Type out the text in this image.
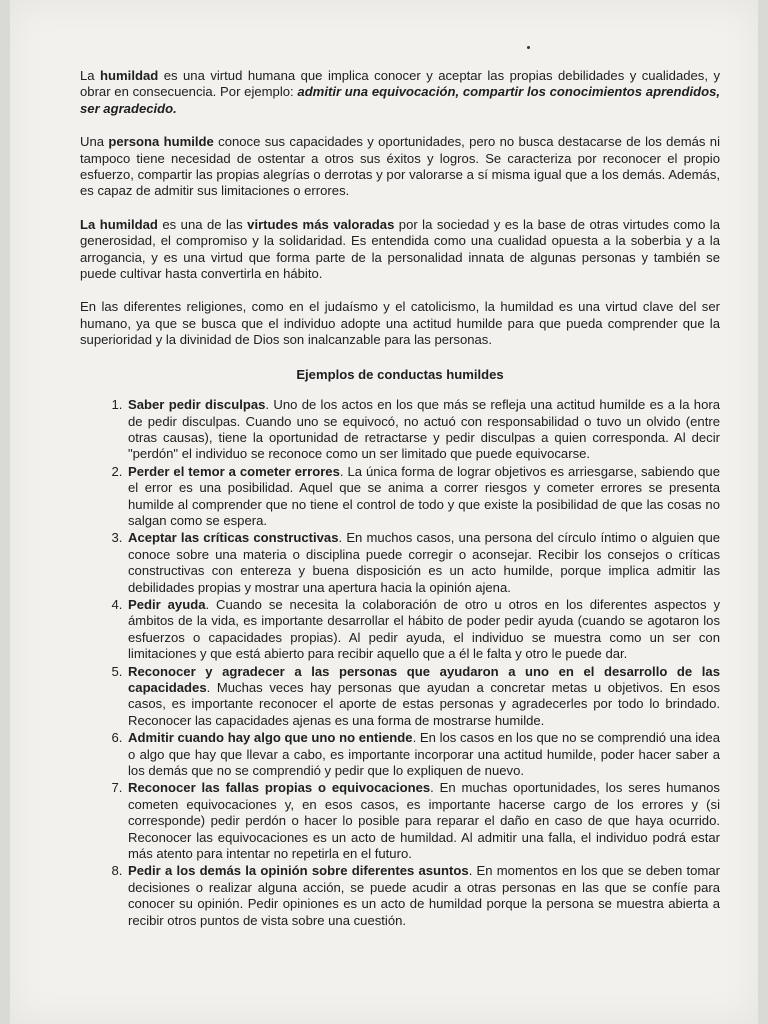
La humildad es una virtud humana que implica conocer y aceptar las propias debilidades y cualidades, y obrar en consecuencia. Por ejemplo: admitir una equivocación, compartir los conocimientos aprendidos, ser agradecido.

Una persona humilde conoce sus capacidades y oportunidades, pero no busca destacarse de los demás ni tampoco tiene necesidad de ostentar a otros sus éxitos y logros. Se caracteriza por reconocer el propio esfuerzo, compartir las propias alegrías o derrotas y por valorarse a sí misma igual que a los demás. Además, es capaz de admitir sus limitaciones o errores.

La humildad es una de las virtudes más valoradas por la sociedad y es la base de otras virtudes como la generosidad, el compromiso y la solidaridad. Es entendida como una cualidad opuesta a la soberbia y a la arrogancia, y es una virtud que forma parte de la personalidad innata de algunas personas y también se puede cultivar hasta convertirla en hábito.

En las diferentes religiones, como en el judaísmo y el catolicismo, la humildad es una virtud clave del ser humano, ya que se busca que el individuo adopte una actitud humilde para que pueda comprender que la superioridad y la divinidad de Dios son inalcanzable para las personas.

Ejemplos de conductas humildes
1. Saber pedir disculpas. Uno de los actos en los que más se refleja una actitud humilde es a la hora de pedir disculpas. Cuando uno se equivocó, no actuó con responsabilidad o tuvo un olvido (entre otras causas), tiene la oportunidad de retractarse y pedir disculpas a quien corresponda. Al decir "perdón" el individuo se reconoce como un ser limitado que puede equivocarse.
2. Perder el temor a cometer errores. La única forma de lograr objetivos es arriesgarse, sabiendo que el error es una posibilidad. Aquel que se anima a correr riesgos y cometer errores se presenta humilde al comprender que no tiene el control de todo y que existe la posibilidad de que las cosas no salgan como se espera.
3. Aceptar las críticas constructivas. En muchos casos, una persona del círculo íntimo o alguien que conoce sobre una materia o disciplina puede corregir o aconsejar. Recibir los consejos o críticas constructivas con entereza y buena disposición es un acto humilde, porque implica admitir las debilidades propias y mostrar una apertura hacia la opinión ajena.
4. Pedir ayuda. Cuando se necesita la colaboración de otro u otros en los diferentes aspectos y ámbitos de la vida, es importante desarrollar el hábito de poder pedir ayuda (cuando se agotaron los esfuerzos o capacidades propias). Al pedir ayuda, el individuo se muestra como un ser con limitaciones y que está abierto para recibir aquello que a él le falta y otro le puede dar.
5. Reconocer y agradecer a las personas que ayudaron a uno en el desarrollo de las capacidades. Muchas veces hay personas que ayudan a concretar metas u objetivos. En esos casos, es importante reconocer el aporte de estas personas y agradecerles por todo lo brindado. Reconocer las capacidades ajenas es una forma de mostrarse humilde.
6. Admitir cuando hay algo que uno no entiende. En los casos en los que no se comprendió una idea o algo que hay que llevar a cabo, es importante incorporar una actitud humilde, poder hacer saber a los demás que no se comprendió y pedir que lo expliquen de nuevo.
7. Reconocer las fallas propias o equivocaciones. En muchas oportunidades, los seres humanos cometen equivocaciones y, en esos casos, es importante hacerse cargo de los errores y (si corresponde) pedir perdón o hacer lo posible para reparar el daño en caso de que haya ocurrido. Reconocer las equivocaciones es un acto de humildad. Al admitir una falla, el individuo podrá estar más atento para intentar no repetirla en el futuro.
8. Pedir a los demás la opinión sobre diferentes asuntos. En momentos en los que se deben tomar decisiones o realizar alguna acción, se puede acudir a otras personas en las que se confíe para conocer su opinión. Pedir opiniones es un acto de humildad porque la persona se muestra abierta a recibir otros puntos de vista sobre una cuestión.
